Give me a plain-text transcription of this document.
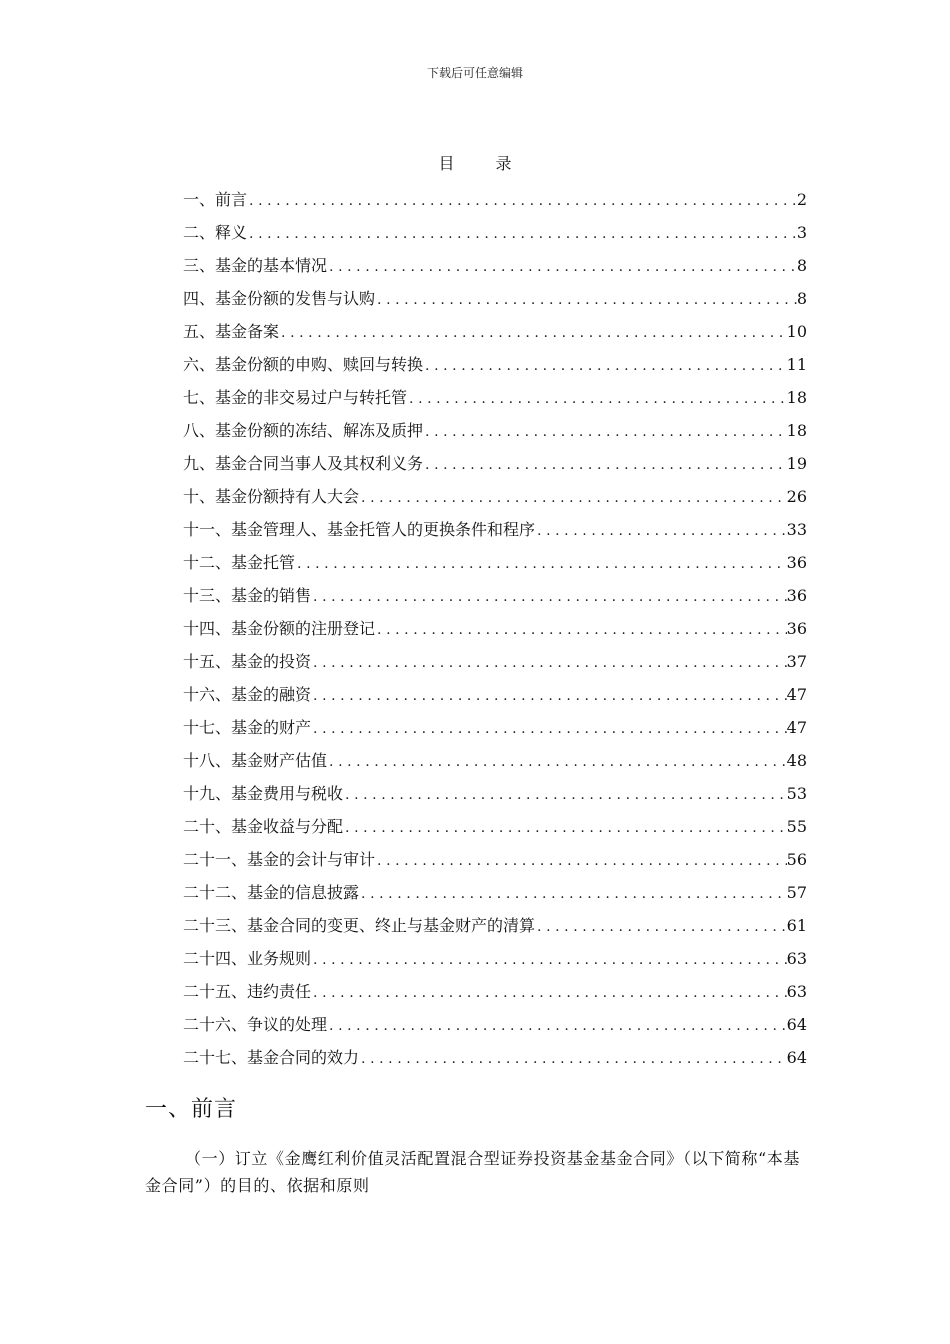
下载后可任意编辑
目 录
一、前言 .....	2
二、释义 .....	3
三、基金的基本情况 .....	8
四、基金份额的发售与认购 .....	8
五、基金备案 .....	10
六、基金份额的申购、赎回与转换 .....	11
七、基金的非交易过户与转托管 .....	18
八、基金份额的冻结、解冻及质押 .....	18
九、基金合同当事人及其权利义务 .....	19
十、基金份额持有人大会 .....	26
十一、基金管理人、基金托管人的更换条件和程序 .....	33
十二、基金托管 .....	36
十三、基金的销售 .....	36
十四、基金份额的注册登记 .....	36
十五、基金的投资 .....	37
十六、基金的融资 .....	47
十七、基金的财产 .....	47
十八、基金财产估值 .....	48
十九、基金费用与税收 .....	53
二十、基金收益与分配 .....	55
二十一、基金的会计与审计 .....	56
二十二、基金的信息披露 .....	57
二十三、基金合同的变更、终止与基金财产的清算 .....	61
二十四、业务规则 .....	63
二十五、违约责任 .....	63
二十六、争议的处理 .....	64
二十七、基金合同的效力 .....	64
一、前言

（一）订立《金鹰红利价值灵活配置混合型证券投资基金基金合同》（以下简称“本基金合同”）的目的、依据和原则
